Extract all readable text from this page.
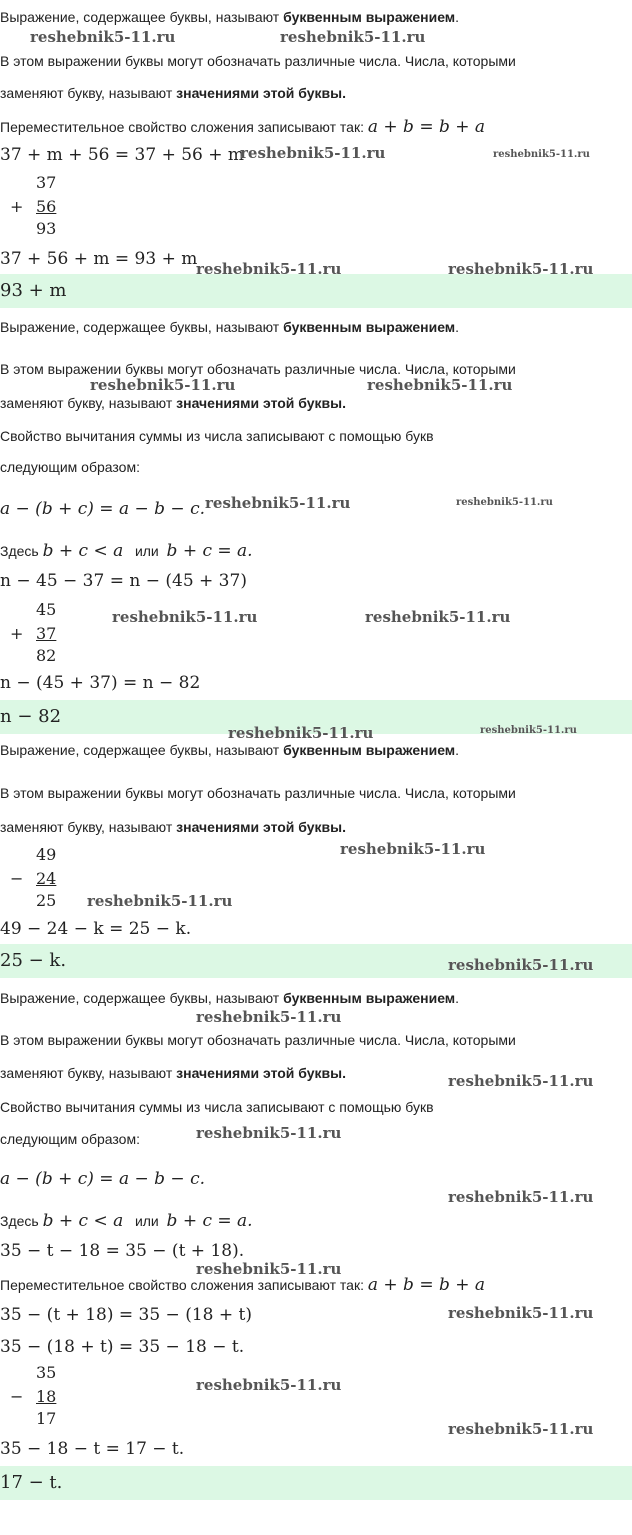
Выражение, содержащее буквы, называют буквенным выражением.
В этом выражении буквы могут обозначать различные числа. Числа, которыми
заменяют букву, называют значениями этой буквы.
Переместительное свойство сложения записывают так: a + b = b + a
37 + m + 56 = 37 + 56 + m
37
+ 56
93
37 + 56 + m = 93 + m
93 + m
Выражение, содержащее буквы, называют буквенным выражением.
В этом выражении буквы могут обозначать различные числа. Числа, которыми
заменяют букву, называют значениями этой буквы.
Свойство вычитания суммы из числа записывают с помощью букв
следующим образом:
a − (b + c) = a − b − c.
Здесь b + c < a или b + c = a.
n − 45 − 37 = n − (45 + 37)
45
+ 37
82
n − (45 + 37) = n − 82
n − 82
Выражение, содержащее буквы, называют буквенным выражением.
В этом выражении буквы могут обозначать различные числа. Числа, которыми
заменяют букву, называют значениями этой буквы.
49
− 24
25
49 − 24 − k = 25 − k.
25 − k.
Выражение, содержащее буквы, называют буквенным выражением.
В этом выражении буквы могут обозначать различные числа. Числа, которыми
заменяют букву, называют значениями этой буквы.
Свойство вычитания суммы из числа записывают с помощью букв
следующим образом:
a − (b + c) = a − b − c.
Здесь b + c < a или b + c = a.
35 − t − 18 = 35 − (t + 18).
Переместительное свойство сложения записывают так: a + b = b + a
35 − (t + 18) = 35 − (18 + t)
35 − (18 + t) = 35 − 18 − t.
35
− 18
17
35 − 18 − t = 17 − t.
17 − t.
reshebnik5-11.ru	reshebnik5-11.ru
reshebnik5-11.ru	reshebnik5-11.ru
reshebnik5-11.ru	reshebnik5-11.ru
reshebnik5-11.ru	reshebnik5-11.ru
reshebnik5-11.ru	reshebnik5-11.ru
reshebnik5-11.ru	reshebnik5-11.ru
reshebnik5-11.ru	reshebnik5-11.ru
reshebnik5-11.ru
reshebnik5-11.ru
reshebnik5-11.ru
reshebnik5-11.ru
reshebnik5-11.ru
reshebnik5-11.ru
reshebnik5-11.ru
reshebnik5-11.ru
reshebnik5-11.ru
reshebnik5-11.ru
reshebnik5-11.ru
